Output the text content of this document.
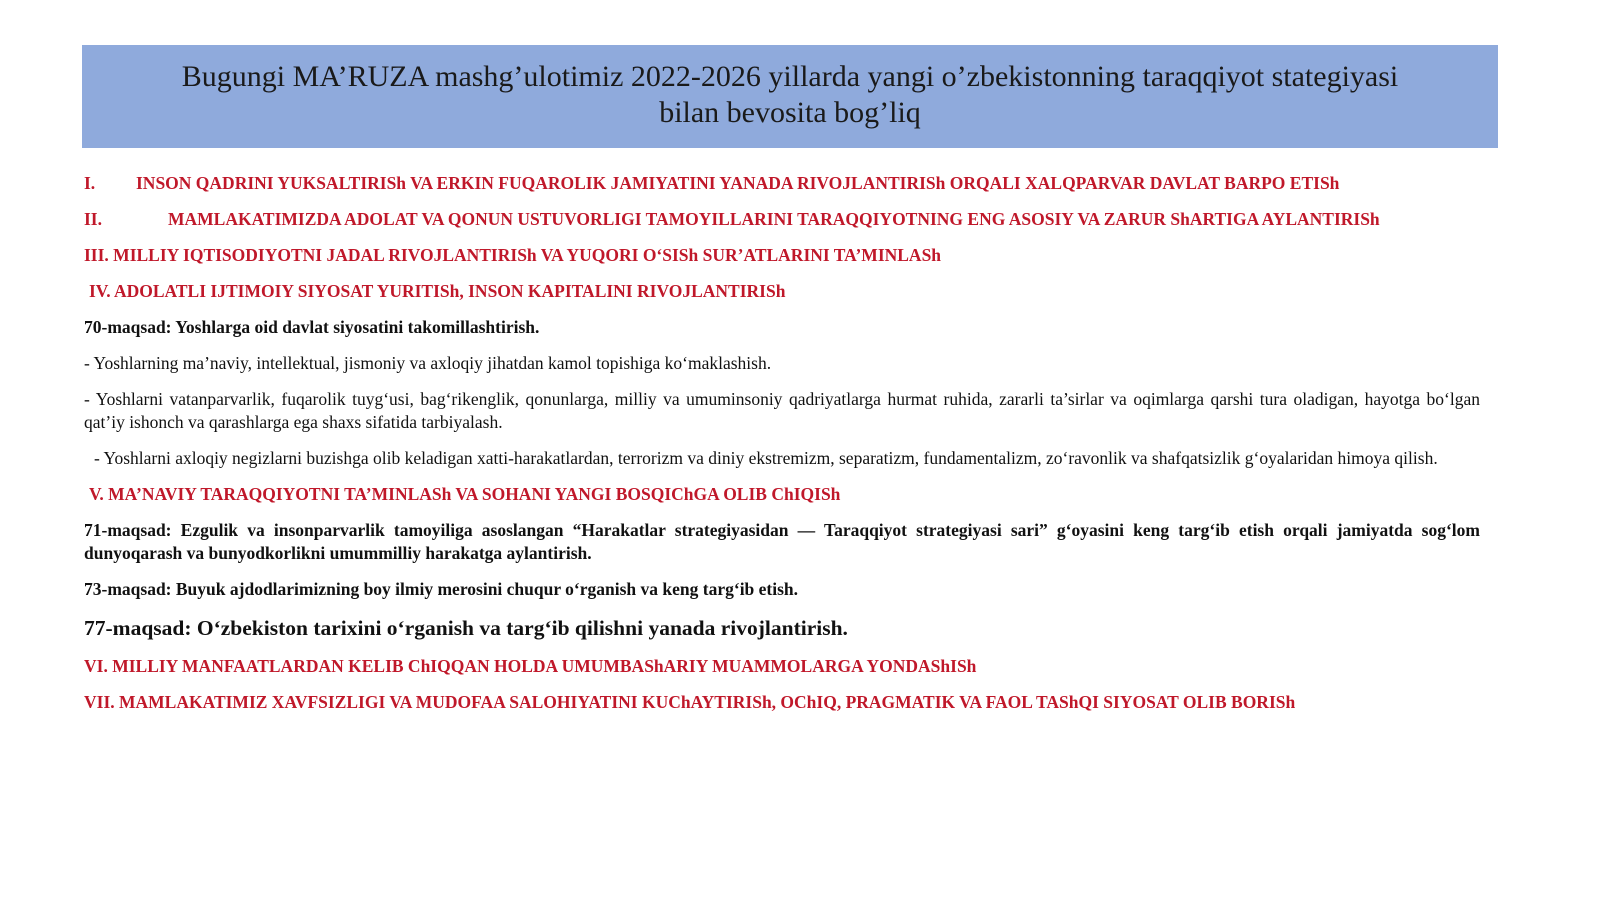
Bugungi MA’RUZA mashg’ulotimiz 2022-2026 yillarda yangi o’zbekistonning taraqqiyot stategiyasi
bilan bevosita bog’liq

I. INSON QADRINI YUKSALTIRISh VA ERKIN FUQAROLIK JAMIYATINI YANADA RIVOJLANTIRISh ORQALI XALQPARVAR DAVLAT BARPO ETISh

II.	MAMLAKATIMIZDA ADOLAT VA QONUN USTUVORLIGI TAMOYILLARINI TARAQQIYOTNING ENG ASOSIY VA ZARUR ShARTIGA AYLANTIRISh

III. MILLIY IQTISODIYOTNI JADAL RIVOJLANTIRISh VA YUQORI O‘SISh SUR’ATLARINI TA’MINLASh

IV. ADOLATLI IJTIMOIY SIYOSAT YURITISh, INSON KAPITALINI RIVOJLANTIRISh

70-maqsad: Yoshlarga oid davlat siyosatini takomillashtirish.

- Yoshlarning ma’naviy, intellektual, jismoniy va axloqiy jihatdan kamol topishiga ko‘maklashish.

- Yoshlarni vatanparvarlik, fuqarolik tuyg‘usi, bag‘rikenglik, qonunlarga, milliy va umuminsoniy qadriyatlarga hurmat ruhida, zararli ta’sirlar va oqimlarga qarshi tura oladigan, hayotga bo‘lgan qat’iy ishonch va qarashlarga ega shaxs sifatida tarbiyalash.

- Yoshlarni axloqiy negizlarni buzishga olib keladigan xatti-harakatlardan, terrorizm va diniy ekstremizm, separatizm, fundamentalizm, zo‘ravonlik va shafqatsizlik g‘oyalaridan himoya qilish.

V. MA’NAVIY TARAQQIYOTNI TA’MINLASh VA SOHANI YANGI BOSQIChGA OLIB ChIQISh

71-maqsad: Ezgulik va insonparvarlik tamoyiliga asoslangan “Harakatlar strategiyasidan — Taraqqiyot strategiyasi sari” g‘oyasini keng targ‘ib etish orqali jamiyatda sog‘lom dunyoqarash va bunyodkorlikni umummilliy harakatga aylantirish.

73-maqsad: Buyuk ajdodlarimizning boy ilmiy merosini chuqur o‘rganish va keng targ‘ib etish.

77-maqsad: O‘zbekiston tarixini o‘rganish va targ‘ib qilishni yanada rivojlantirish.

VI. MILLIY MANFAATLARDAN KELIB ChIQQAN HOLDA UMUMBAShARIY MUAMMOLARGA YONDAShISh

VII. MAMLAKATIMIZ XAVFSIZLIGI VA MUDOFAA SALOHIYATINI KUChAYTIRISh, OChIQ, PRAGMATIK VA FAOL TAShQI SIYOSAT OLIB BORISh
